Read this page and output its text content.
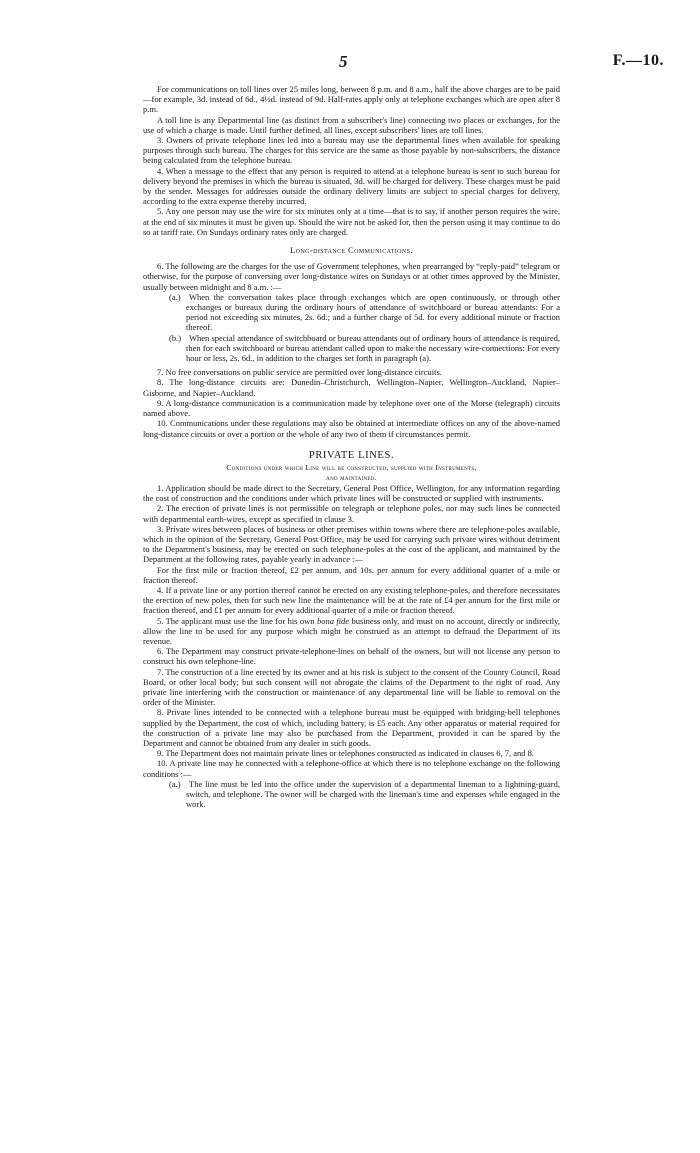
5	F.—10.

For communications on toll lines over 25 miles long, between 8 p.m. and 8 a.m., half the above charges are to be paid—for example, 3d. instead of 6d., 4½d. instead of 9d. Half-rates apply only at telephone exchanges which are open after 8 p.m.

A toll line is any Departmental line (as distinct from a subscriber's line) connecting two places or exchanges, for the use of which a charge is made. Until further defined, all lines, except subscribers' lines are toll lines.

3. Owners of private telephone lines led into a bureau may use the departmental lines when available for speaking purposes through such bureau. The charges for this service are the same as those payable by non-subscribers, the distance being calculated from the telephone bureau.

4. When a message to the effect that any person is required to attend at a telephone bureau is sent to such bureau for delivery beyond the premises in which the bureau is situated, 3d. will be charged for delivery. These charges must be paid by the sender. Messages for addresses outside the ordinary delivery limits are subject to special charges for delivery, according to the extra expense thereby incurred.

5. Any one person may use the wire for six minutes only at a time—that is to say, if another person requires the wire, at the end of six minutes it must be given up. Should the wire not be asked for, then the person using it may continue to do so at tariff rate. On Sundays ordinary rates only are charged.

Long-distance Communications.

6. The following are the charges for the use of Government telephones, when prearranged by “reply-paid” telegram or otherwise, for the purpose of conversing over long-distance wires on Sundays or at other times approved by the Minister, usually between midnight and 8 a.m. :—

(a.) When the conversation takes place through exchanges which are open continuously, or through other exchanges or bureaux during the ordinary hours of attendance of switchboard or bureau attendants: For a period not exceeding six minutes, 2s. 6d.; and a further charge of 5d. for every additional minute or fraction thereof.
(b.) When special attendance of switchboard or bureau attendants out of ordinary hours of attendance is required, then for each switchboard or bureau attendant called upon to make the necessary wire-connections: For every hour or less, 2s. 6d., in addition to the charges set forth in paragraph (a).

7. No free conversations on public service are permitted over long-distance circuits.

8. The long-distance circuits are: Dunedin–Christchurch, Wellington–Napier, Wellington–Auckland, Napier–Gisborne, and Napier–Auckland.

9. A long-distance communication is a communication made by telephone over one of the Morse (telegraph) circuits named above.

10. Communications under these regulations may also be obtained at intermediate offices on any of the above-named long-distance circuits or over a portion or the whole of any two of them if circumstances permit.

PRIVATE LINES.
Conditions under which Line will be constructed, supplied with Instruments,
and maintained.

1. Application should be made direct to the Secretary, General Post Office, Wellington, for any information regarding the cost of construction and the conditions under which private lines will be constructed or supplied with instruments.

2. The erection of private lines is not permissible on telegraph or telephone poles, nor may such lines be connected with departmental earth-wires, except as specified in clause 3.

3. Private wires between places of business or other premises within towns where there are telephone-poles available, which in the opinion of the Secretary, General Post Office, may be used for carrying such private wires without detriment to the Department's business, may be erected on such telephone-poles at the cost of the applicant, and maintained by the Department at the following rates, payable yearly in advance :—

For the first mile or fraction thereof, £2 per annum, and 10s. per annum for every additional quarter of a mile or fraction thereof.

4. If a private line or any portion thereof cannot be erected on any existing telephone-poles, and therefore necessitates the erection of new poles, then for such new line the maintenance will be at the rate of £4 per annum for the first mile or fraction thereof, and £1 per annum for every additional quarter of a mile or fraction thereof.

5. The applicant must use the line for his own bona fide business only, and must on no account, directly or indirectly, allow the line to be used for any purpose which might be construed as an attempt to defraud the Department of its revenue.

6. The Department may construct private-telephone-lines on behalf of the owners, but will not license any person to construct his own telephone-line.

7. The construction of a line erected by its owner and at his risk is subject to the consent of the County Council, Road Board, or other local body; but such consent will not abrogate the claims of the Department to the right of road. Any private line interfering with the construction or maintenance of any departmental line will be liable to removal on the order of the Minister.

8. Private lines intended to be connected with a telephone bureau must be equipped with bridging-bell telephones supplied by the Department, the cost of which, including battery, is £5 each. Any other apparatus or material required for the construction of a private line may also be purchased from the Department, provided it can be spared by the Department and cannot be obtained from any dealer in such goods.

9. The Department does not maintain private lines or telephones constructed as indicated in clauses 6, 7, and 8.

10. A private line may be connected with a telephone-office at which there is no telephone exchange on the following conditions :—

(a.) The line must be led into the office under the supervision of a departmental lineman to a lightning-guard, switch, and telephone. The owner will be charged with the lineman's time and expenses while engaged in the work.
